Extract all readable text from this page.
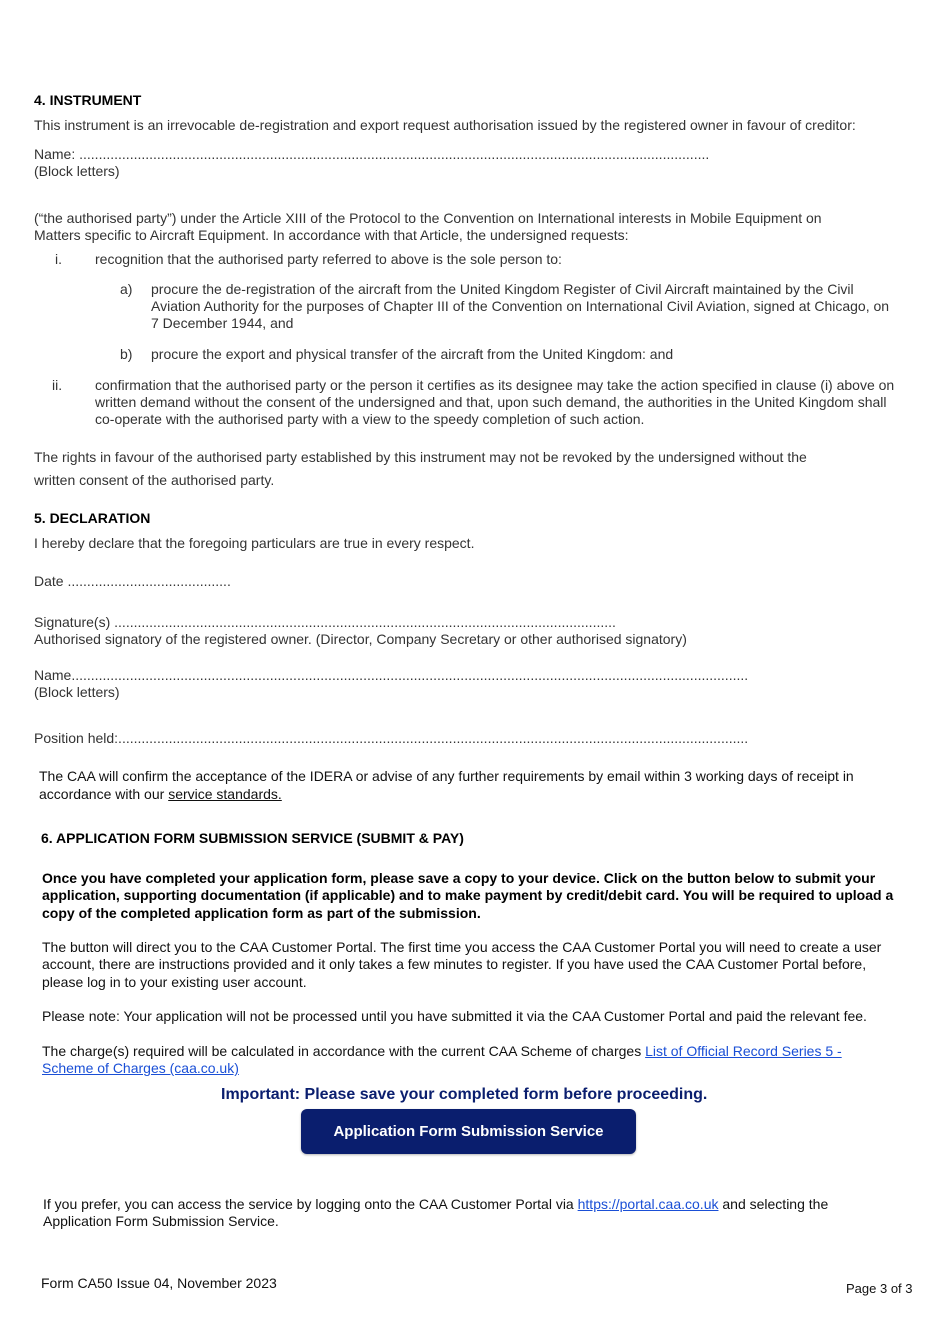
4. INSTRUMENT
This instrument is an irrevocable de-registration and export request authorisation issued by the registered owner in favour of creditor:
Name: ..................................................................................................................................................................
(Block letters)
(“the authorised party”) under the Article XIII of the Protocol to the Convention on International interests in Mobile Equipment on
Matters specific to Aircraft Equipment. In accordance with that Article, the undersigned requests:
i. recognition that the authorised party referred to above is the sole person to:
a) procure the de-registration of the aircraft from the United Kingdom Register of Civil Aircraft maintained by the Civil
Aviation Authority for the purposes of Chapter III of the Convention on International Civil Aviation, signed at Chicago, on
7 December 1944, and
b) procure the export and physical transfer of the aircraft from the United Kingdom: and
ii. confirmation that the authorised party or the person it certifies as its designee may take the action specified in clause (i) above on
written demand without the consent of the undersigned and that, upon such demand, the authorities in the United Kingdom shall
co-operate with the authorised party with a view to the speedy completion of such action.
The rights in favour of the authorised party established by this instrument may not be revoked by the undersigned without the
written consent of the authorised party.
5. DECLARATION
I hereby declare that the foregoing particulars are true in every respect.
Date ..........................................
Signature(s) .................................................................................................................................
Authorised signatory of the registered owner. (Director, Company Secretary or other authorised signatory)
Name..............................................................................................................................................................................
(Block letters)
Position held:..................................................................................................................................................................
The CAA will confirm the acceptance of the IDERA or advise of any further requirements by email within 3 working days of receipt in
accordance with our service standards.
6. APPLICATION FORM SUBMISSION SERVICE (SUBMIT & PAY)
Once you have completed your application form, please save a copy to your device. Click on the button below to submit your
application, supporting documentation (if applicable) and to make payment by credit/debit card. You will be required to upload a
copy of the completed application form as part of the submission.
The button will direct you to the CAA Customer Portal. The first time you access the CAA Customer Portal you will need to create a user
account, there are instructions provided and it only takes a few minutes to register. If you have used the CAA Customer Portal before,
please log in to your existing user account.
Please note: Your application will not be processed until you have submitted it via the CAA Customer Portal and paid the relevant fee.
The charge(s) required will be calculated in accordance with the current CAA Scheme of charges List of Official Record Series 5 -
Scheme of Charges (caa.co.uk)
Important: Please save your completed form before proceeding.
Application Form Submission Service
If you prefer, you can access the service by logging onto the CAA Customer Portal via https://portal.caa.co.uk and selecting the
Application Form Submission Service.
Form CA50 Issue 04, November 2023	Page 3 of 3
